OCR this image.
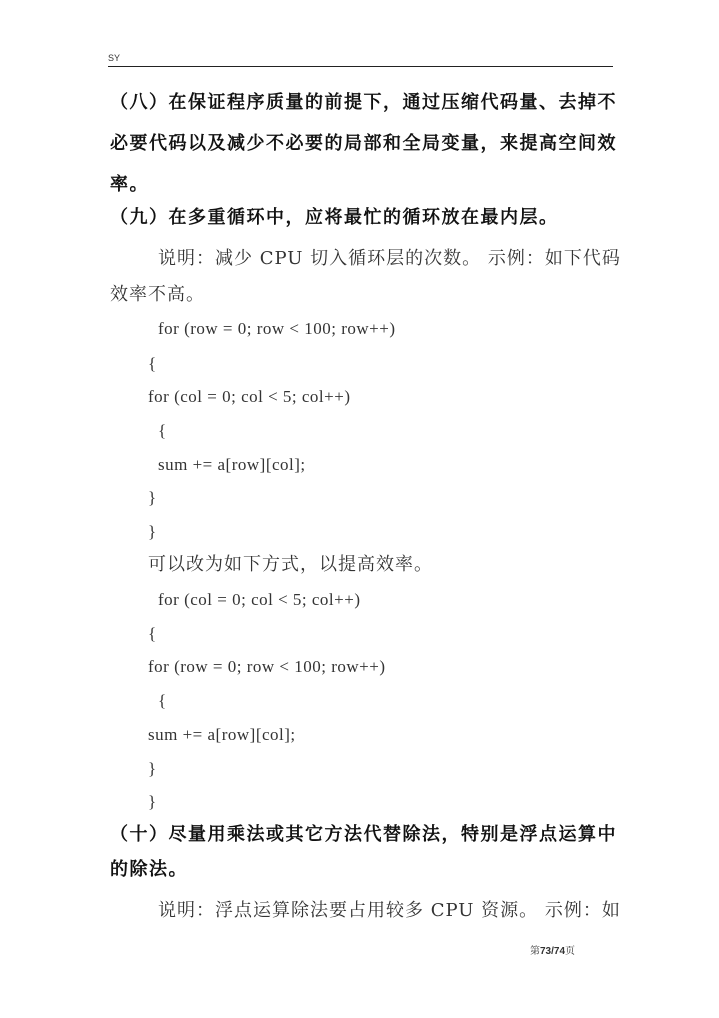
SY
（八）在保证程序质量的前提下，通过压缩代码量、去掉不
必要代码以及减少不必要的局部和全局变量，来提高空间效
率。
（九）在多重循环中，应将最忙的循环放在最内层。
说明：减少 CPU 切入循环层的次数。 示例：如下代码
效率不高。
for (row = 0; row < 100; row++)
{
for (col = 0; col < 5; col++)
{
sum += a[row][col];
}
}
可以改为如下方式，以提高效率。
for (col = 0; col < 5; col++)
{
for (row = 0; row < 100; row++)
{
sum += a[row][col];
}
}
（十）尽量用乘法或其它方法代替除法，特别是浮点运算中
的除法。
说明：浮点运算除法要占用较多 CPU 资源。 示例：如
第73/74页
